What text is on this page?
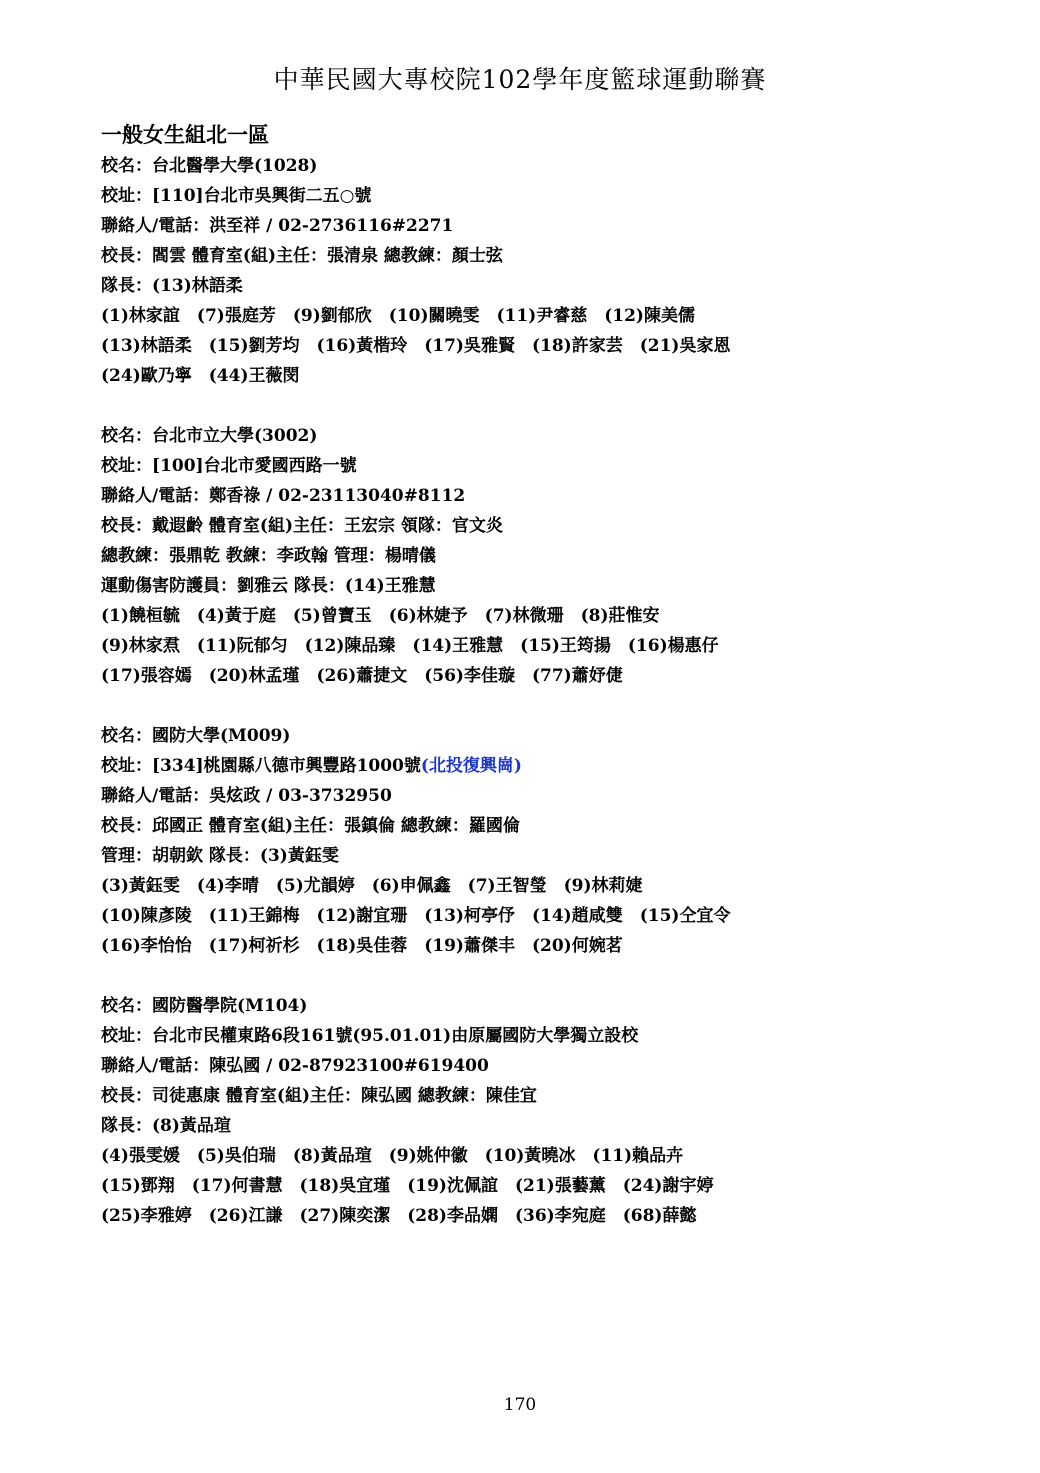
中華民國大專校院102學年度籃球運動聯賽
一般女生組北一區
校名：台北醫學大學(1028)
校址：[110]台北市吳興街二五○號
聯絡人/電話：洪至祥 / 02-2736116#2271
校長：閻雲 體育室(組)主任：張清泉 總教練：顏士弦
隊長：(13)林語柔
(1)林家誼　(7)張庭芳　(9)劉郁欣　(10)關曉雯　(11)尹睿慈　(12)陳美儒
(13)林語柔　(15)劉芳均　(16)黃楷玲　(17)吳雅賢　(18)許家芸　(21)吳家恩
(24)歐乃寧　(44)王薇閔
校名：台北市立大學(3002)
校址：[100]台北市愛國西路一號
聯絡人/電話：鄭香祿 / 02-23113040#8112
校長：戴遐齡 體育室(組)主任：王宏宗 領隊：官文炎
總教練：張鼎乾 教練：李政翰 管理：楊晴儀
運動傷害防護員：劉雅云 隊長：(14)王雅慧
(1)饒桓毓　(4)黃于庭　(5)曾寶玉　(6)林婕予　(7)林微珊　(8)莊惟安
(9)林家焄　(11)阮郁匀　(12)陳品臻　(14)王雅慧　(15)王筠揚　(16)楊惠仔
(17)張容嫣　(20)林孟瑾　(26)蕭捷文　(56)李佳璇　(77)蕭妤倢
校名：國防大學(M009)
校址：[334]桃園縣八德市興豐路1000號(北投復興崗)
聯絡人/電話：吳炫政 / 03-3732950
校長：邱國正 體育室(組)主任：張鎮倫 總教練：羅國倫
管理：胡朝欽 隊長：(3)黃鈺雯
(3)黃鈺雯　(4)李晴　(5)尤韻婷　(6)申佩鑫　(7)王智瑩　(9)林莉婕
(10)陳彥陵　(11)王錦梅　(12)謝宜珊　(13)柯亭伃　(14)趙咸雙　(15)仝宜令
(16)李怡怡　(17)柯祈杉　(18)吳佳蓉　(19)蕭傑丰　(20)何婉茗
校名：國防醫學院(M104)
校址：台北市民權東路6段161號(95.01.01)由原屬國防大學獨立設校
聯絡人/電話：陳弘國 / 02-87923100#619400
校長：司徒惠康 體育室(組)主任：陳弘國 總教練：陳佳宜
隊長：(8)黃品瑄
(4)張雯媛　(5)吳伯瑞　(8)黃品瑄　(9)姚仲徽　(10)黃曉冰　(11)賴品卉
(15)鄧翔　(17)何書慧　(18)吳宜瑾　(19)沈佩誼　(21)張藝薰　(24)謝宇婷
(25)李雅婷　(26)江謙　(27)陳奕潔　(28)李品嫻　(36)李宛庭　(68)薛懿
170
